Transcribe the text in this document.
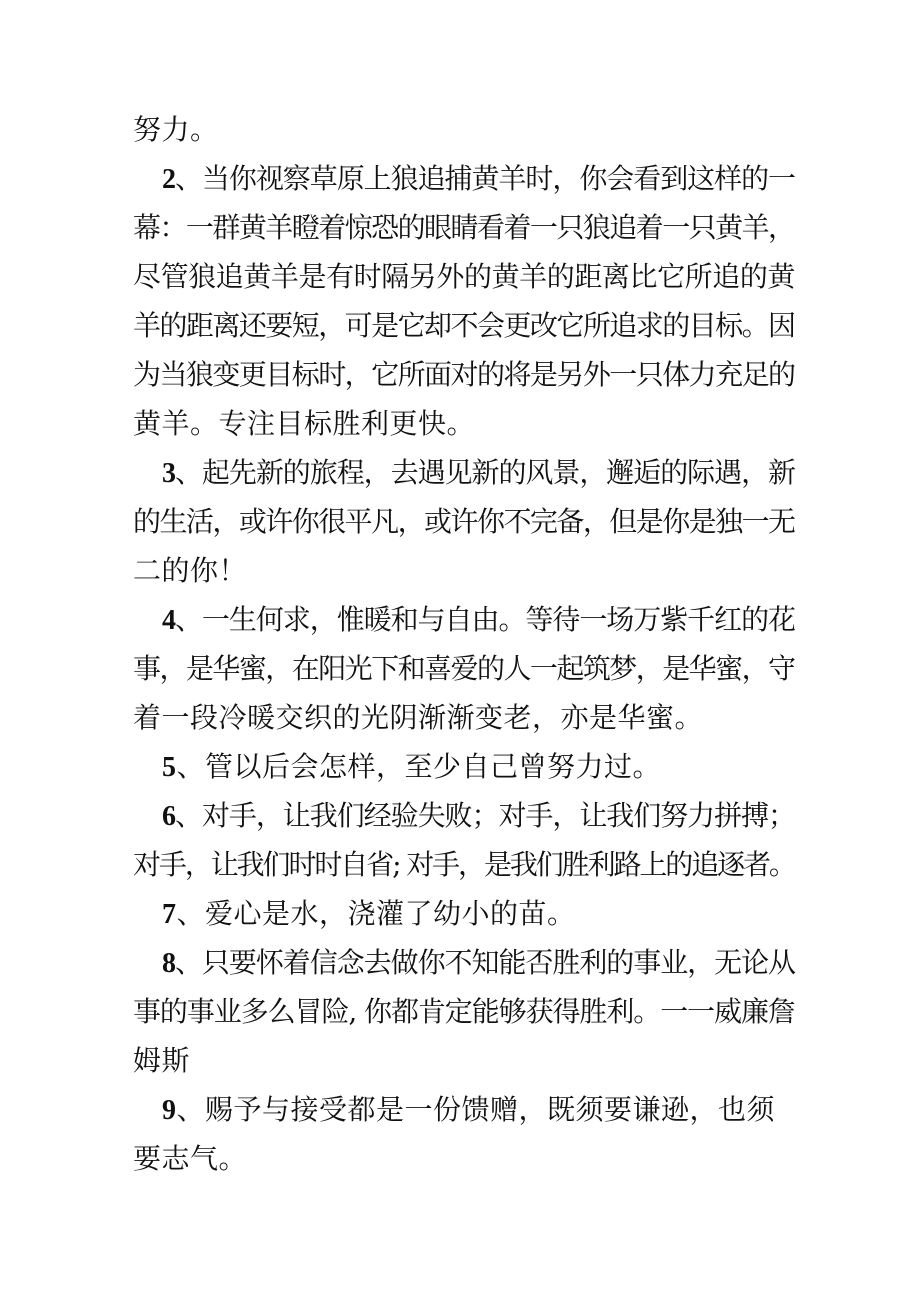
努力。
2、当你视察草原上狼追捕黄羊时，你会看到这样的一
幕：一群黄羊瞪着惊恐的眼睛看着一只狼追着一只黄羊，
尽管狼追黄羊是有时隔另外的黄羊的距离比它所追的黄
羊的距离还要短，可是它却不会更改它所追求的目标。因
为当狼变更目标时，它所面对的将是另外一只体力充足的
黄羊。专注目标胜利更快。
3、起先新的旅程，去遇见新的风景，邂逅的际遇，新
的生活，或许你很平凡，或许你不完备，但是你是独一无
二的你！
4、一生何求，惟暖和与自由。等待一场万紫千红的花
事，是华蜜，在阳光下和喜爱的人一起筑梦，是华蜜，守
着一段冷暖交织的光阴渐渐变老，亦是华蜜。
5、管以后会怎样，至少自己曾努力过。
6、对手，让我们经验失败；对手，让我们努力拼搏；
对手，让我们时时自省; 对手，是我们胜利路上的追逐者。
7、爱心是水，浇灌了幼小的苗。
8、只要怀着信念去做你不知能否胜利的事业，无论从
事的事业多么冒险, 你都肯定能够获得胜利。一一威廉詹
姆斯
9、赐予与接受都是一份馈赠，既须要谦逊，也须
要志气。
